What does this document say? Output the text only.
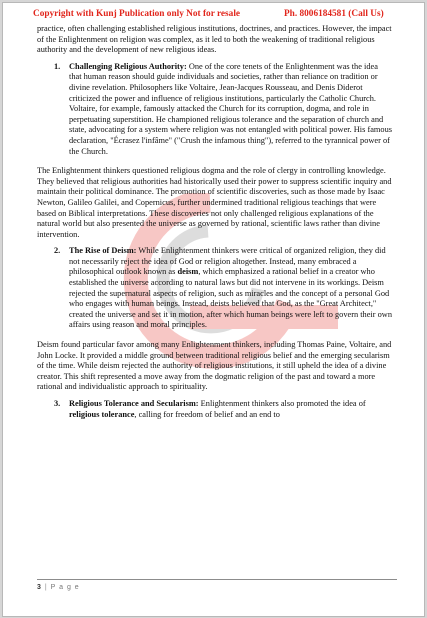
Copyright with Kunj Publication only Not for resale	Ph. 8006184581 (Call Us)

practice, often challenging established religious institutions, doctrines, and practices. However, the impact of the Enlightenment on religion was complex, as it led to both the weakening of traditional religious authority and the development of new religious ideas.

1. Challenging Religious Authority: One of the core tenets of the Enlightenment was the idea that human reason should guide individuals and societies, rather than reliance on tradition or divine revelation. Philosophers like Voltaire, Jean-Jacques Rousseau, and Denis Diderot criticized the power and influence of religious institutions, particularly the Catholic Church. Voltaire, for example, famously attacked the Church for its corruption, dogma, and role in perpetuating superstition. He championed religious tolerance and the separation of church and state, advocating for a system where religion was not entangled with political power. His famous declaration, "Écrasez l'infâme" ("Crush the infamous thing"), referred to the tyrannical power of the Church.

The Enlightenment thinkers questioned religious dogma and the role of clergy in controlling knowledge. They believed that religious authorities had historically used their power to suppress scientific inquiry and maintain their political dominance. The promotion of scientific discoveries, such as those made by Isaac Newton, Galileo Galilei, and Copernicus, further undermined traditional religious teachings that were based on Biblical interpretations. These discoveries not only challenged religious explanations of the natural world but also presented the universe as governed by rational, scientific laws rather than divine intervention.

2. The Rise of Deism: While Enlightenment thinkers were critical of organized religion, they did not necessarily reject the idea of God or religion altogether. Instead, many embraced a philosophical outlook known as deism, which emphasized a rational belief in a creator who established the universe according to natural laws but did not intervene in its workings. Deism rejected the supernatural aspects of religion, such as miracles and the concept of a personal God who engages with human beings. Instead, deists believed that God, as the "Great Architect," created the universe and set it in motion, after which human beings were left to govern their own affairs using reason and moral principles.

Deism found particular favor among many Enlightenment thinkers, including Thomas Paine, Voltaire, and John Locke. It provided a middle ground between traditional religious belief and the emerging secularism of the time. While deism rejected the authority of religious institutions, it still upheld the idea of a divine creator. This shift represented a move away from the dogmatic religion of the past and toward a more rational and individualistic approach to spirituality.

3. Religious Tolerance and Secularism: Enlightenment thinkers also promoted the idea of religious tolerance, calling for freedom of belief and an end to
3 | P a g e
